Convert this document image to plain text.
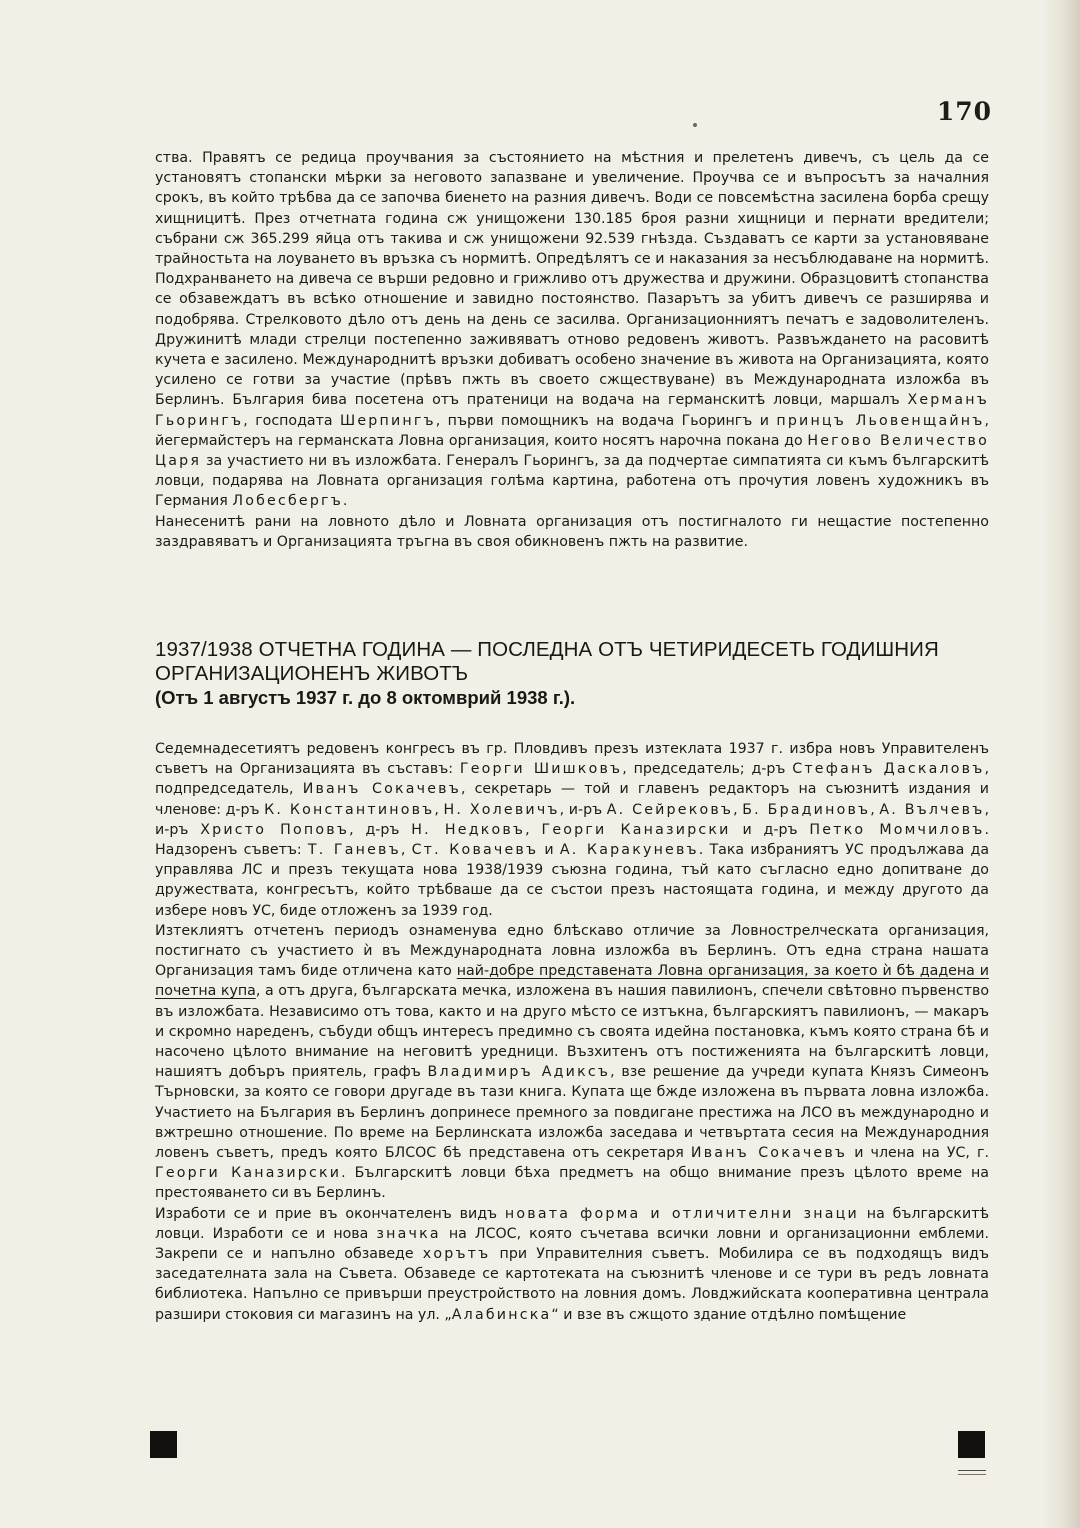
170

ства. Правятъ се редица проучвания за състоянието на мѣстния и прелетенъ дивечъ, съ цель да се установятъ стопански мѣрки за неговото запазване и увеличение. Проучва се и въпросътъ за началния срокъ, въ който трѣбва да се започва биенето на разния дивечъ. Води се повсемѣстна засилена борба срещу хищницитѣ. През отчетната година сж унищожени 130.185 броя разни хищници и пернати вредители; събрани сж 365.299 яйца отъ такива и сж унищожени 92.539 гнѣзда. Създаватъ се карти за установяване трайностьта на лоуването въ връзка съ нормитѣ. Опредѣлятъ се и наказания за несъблюдаване на нормитѣ. Подхранването на дивеча се върши редовно и грижливо отъ дружества и дружини. Образцовитѣ стопанства се обзавеждатъ въ всѣко отношение и завидно постоянство. Пазарътъ за убитъ дивечъ се разширява и подобрява. Стрелковото дѣло отъ день на день се засилва. Организационниятъ печатъ е задоволителенъ. Дружинитѣ млади стрелци постепенно заживяватъ отново редовенъ животъ. Развъждането на расовитѣ кучета е засилено. Международнитѣ връзки добиватъ особено значение въ живота на Организацията, която усилено се готви за участие (прѣвъ пжть въ своето сжществуване) въ Международната изложба въ Берлинъ. България бива посетена отъ пратеници на водача на германскитѣ ловци, маршалъ Херманъ Гьорингъ, господата Шерпингъ, първи помощникъ на водача Гьорингъ и принцъ Льовенщайнъ, йегермайстеръ на германската Ловна организация, които носятъ нарочна покана до Негово Величество Царя за участието ни въ изложбата. Генералъ Гьорингъ, за да подчертае симпатията си къмъ българскитѣ ловци, подарява на Ловната организация голѣма картина, работена отъ прочутия ловенъ художникъ въ Германия Лобесбергъ.

Нанесенитѣ рани на ловното дѣло и Ловната организация отъ постигналото ги нещастие постепенно заздравяватъ и Организацията тръгна въ своя обикновенъ пжть на развитие.

1937/1938 ОТЧЕТНА ГОДИНА — ПОСЛЕДНА ОТЪ ЧЕТИРИДЕСЕТЬ ГОДИШНИЯ ОРГАНИЗАЦИОНЕНЪ ЖИВОТЪ
(Отъ 1 августъ 1937 г. до 8 октомврий 1938 г.).

Седемнадесетиятъ редовенъ конгресъ въ гр. Пловдивъ презъ изтеклата 1937 г. избра новъ Управителенъ съветъ на Организацията въ съставъ: Георги Шишковъ, председатель; д-ръ Стефанъ Даскаловъ, подпредседатель, Иванъ Сокачевъ, секретарь — той и главенъ редакторъ на съюзнитѣ издания и членове: д-ръ К. Константиновъ, Н. Холевичъ, и-ръ А. Сейрековъ, Б. Брадиновъ, А. Вълчевъ, и-ръ Христо Поповъ, д-ръ Н. Недковъ, Георги Каназирски и д-ръ Петко Момчиловъ. Надзоренъ съветъ: Т. Ганевъ, Ст. Ковачевъ и А. Каракуневъ. Така избраниятъ УС продължава да управлява ЛС и презъ текущата нова 1938/1939 съюзна година, тъй като съгласно едно допитване до дружествата, конгресътъ, който трѣбваше да се състои презъ настоящата година, и между другото да избере новъ УС, биде отложенъ за 1939 год.

Изтеклиятъ отчетенъ периодъ ознаменува едно блѣскаво отличие за Ловнострелческата организация, постигнато съ участието ѝ въ Международната ловна изложба въ Берлинъ. Отъ една страна нашата Организация тамъ биде отличена като най-добре представената Ловна организация, за което ѝ бѣ дадена и почетна купа, а отъ друга, българската мечка, изложена въ нашия павилионъ, спечели свѣтовно първенство въ изложбата. Независимо отъ това, както и на друго мѣсто се изтъкна, българскиятъ павилионъ, — макаръ и скромно нареденъ, събуди общъ интересъ предимно съ своята идейна постановка, къмъ която страна бѣ и насочено цѣлото внимание на неговитѣ уредници. Възхитенъ отъ постиженията на българскитѣ ловци, нашиятъ добъръ приятель, графъ Владимиръ Адиксъ, взе решение да учреди купата Князъ Симеонъ Търновски, за която се говори другаде въ тази книга. Купата ще бжде изложена въ първата ловна изложба. Участието на България въ Берлинъ допринесе премного за повдигане престижа на ЛСО въ международно и вжтрешно отношение. По време на Берлинската изложба заседава и четвъртата сесия на Международния ловенъ съветъ, предъ която БЛСОС бѣ представена отъ секретаря Иванъ Сокачевъ и члена на УС, г. Георги Каназирски. Българскитѣ ловци бѣха предметъ на общо внимание презъ цѣлото време на престояването си въ Берлинъ.

Изработи се и прие въ окончателенъ видъ новата форма и отличителни знаци на българскитѣ ловци. Изработи се и нова значка на ЛСОС, която съчетава всички ловни и организационни емблеми. Закрепи се и напълно обзаведе хорътъ при Управителния съветъ. Мобилира се въ подходящъ видъ заседателната зала на Съвета. Обзаведе се картотеката на съюзнитѣ членове и се тури въ редъ ловната библиотека. Напълно се привърши преустройството на ловния домъ. Ловджийската кооперативна централа разшири стоковия си магазинъ на ул. „Алабинска“ и взе въ сжщото здание отдѣлно помѣщение
